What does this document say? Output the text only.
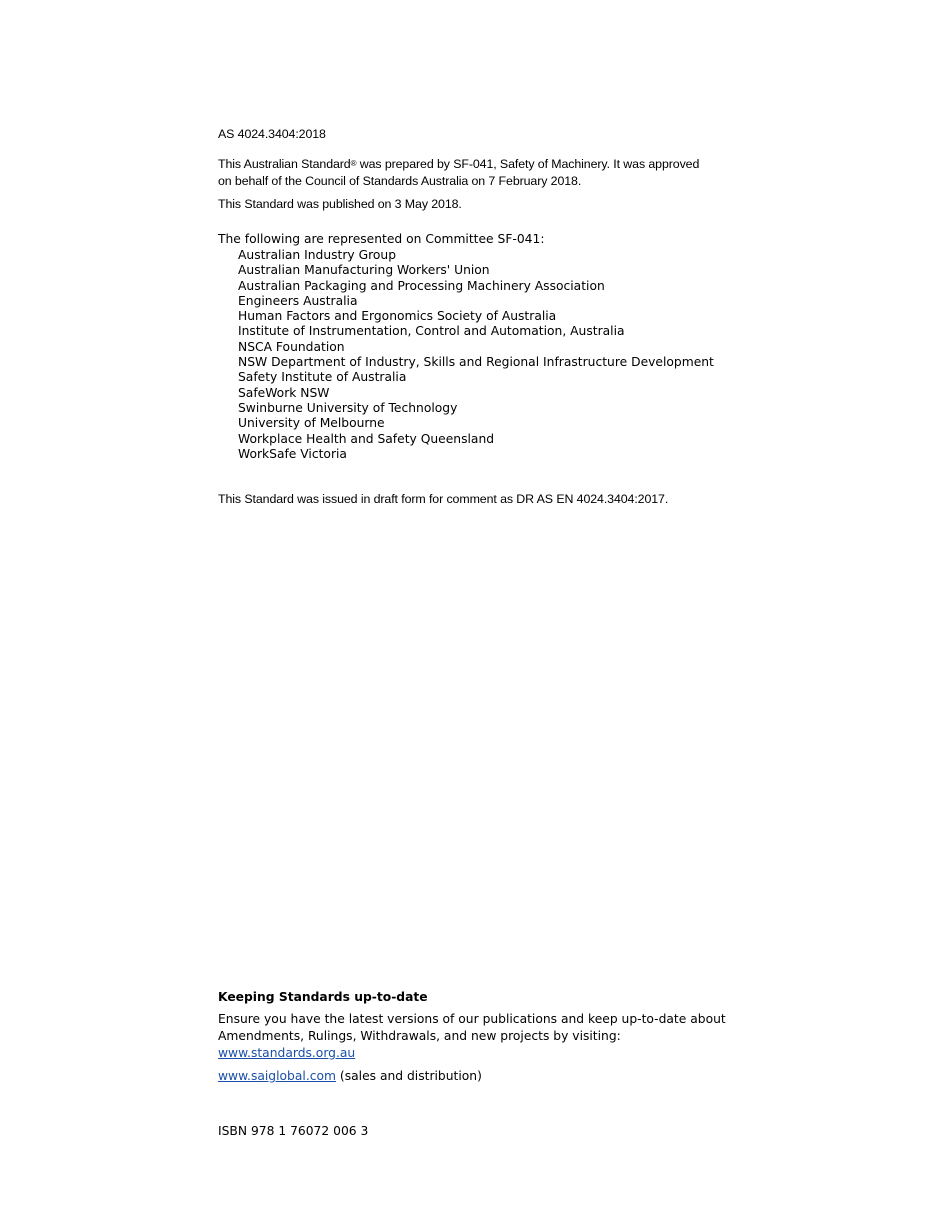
AS 4024.3404:2018
This Australian Standard® was prepared by SF-041, Safety of Machinery. It was approved
on behalf of the Council of Standards Australia on 7 February 2018.
This Standard was published on 3 May 2018.
The following are represented on Committee SF-041:
Australian Industry Group
Australian Manufacturing Workers' Union
Australian Packaging and Processing Machinery Association
Engineers Australia
Human Factors and Ergonomics Society of Australia
Institute of Instrumentation, Control and Automation, Australia
NSCA Foundation
NSW Department of Industry, Skills and Regional Infrastructure Development
Safety Institute of Australia
SafeWork NSW
Swinburne University of Technology
University of Melbourne
Workplace Health and Safety Queensland
WorkSafe Victoria
This Standard was issued in draft form for comment as DR AS EN 4024.3404:2017.
Keeping Standards up-to-date
Ensure you have the latest versions of our publications and keep up-to-date about
Amendments, Rulings, Withdrawals, and new projects by visiting:
www.standards.org.au
www.saiglobal.com (sales and distribution)
ISBN 978 1 76072 006 3
